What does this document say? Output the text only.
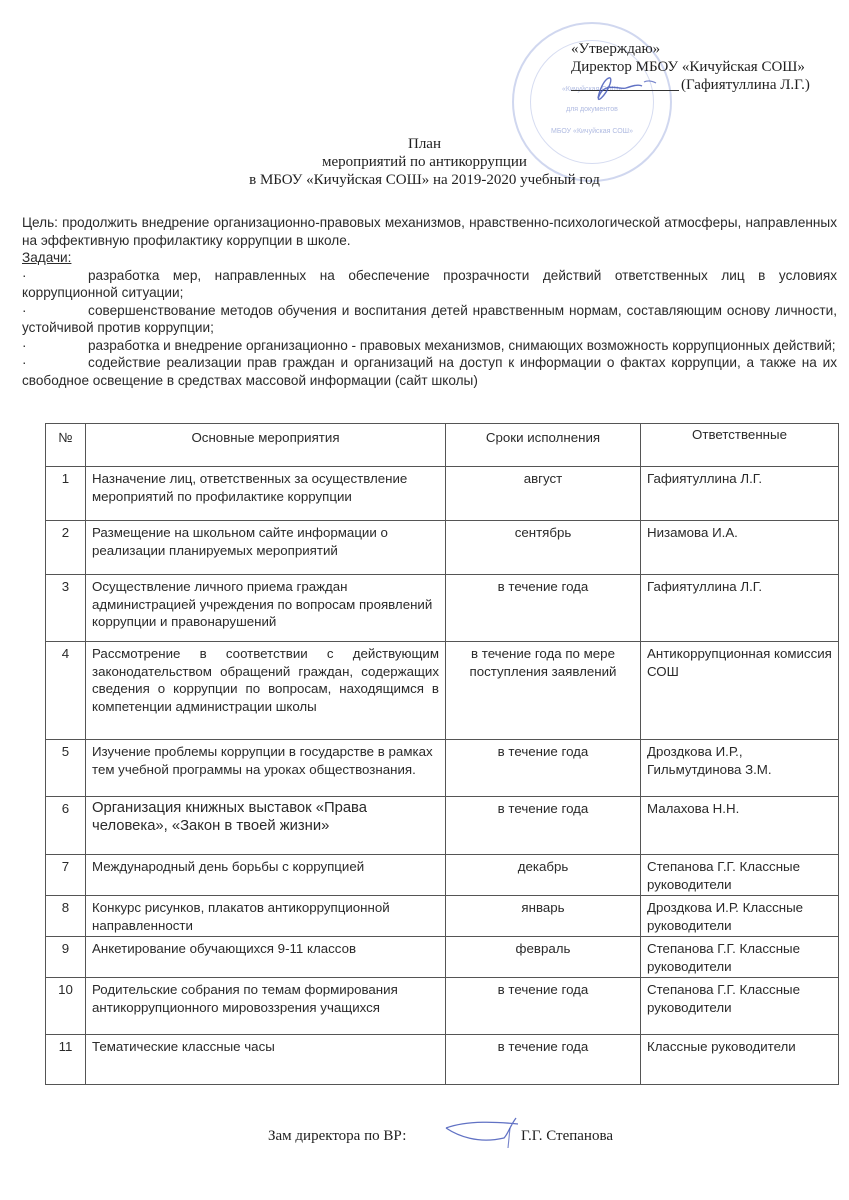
«Кичуйская СОШ»
для документов
МБОУ «Кичуйская СОШ»
«Утверждаю»
Директор МБОУ «Кичуйская СОШ»
(Гафиятуллина Л.Г.)
План
мероприятий по антикоррупции
в МБОУ «Кичуйская СОШ» на 2019-2020 учебный год

Цель: продолжить внедрение организационно-правовых механизмов, нравственно-психологической атмосферы, направленных на эффективную профилактику коррупции в школе.

Задачи:

·	разработка мер, направленных на обеспечение прозрачности действий ответственных лиц в условиях коррупционной ситуации;

·	совершенствование методов обучения и воспитания детей нравственным нормам, составляющим основу личности, устойчивой против коррупции;

·	разработка и внедрение организационно - правовых механизмов, снимающих возможность коррупционных действий;

·	содействие реализации прав граждан и организаций на доступ к информации о фактах коррупции, а также на их свободное освещение в средствах массовой информации (сайт школы)

№	Основные мероприятия	Сроки исполнения	Ответственные
1	Назначение лиц, ответственных за осуществление мероприятий по профилактике коррупции	август	Гафиятуллина Л.Г.
2	Размещение на школьном сайте информации о реализации планируемых мероприятий	сентябрь	Низамова И.А.
3	Осуществление личного приема граждан администрацией учреждения по вопросам проявлений коррупции и правонарушений	в течение года	Гафиятуллина Л.Г.
4	Рассмотрение в соответствии с действующим законодательством обращений граждан, содержащих сведения о коррупции по вопросам, находящимся в компетенции администрации школы	в течение года по мере поступления заявлений	Антикоррупционная комиссия СОШ
5	Изучение проблемы коррупции в государстве в рамках тем учебной программы на уроках обществознания.	в течение года	Дроздкова И.Р., Гильмутдинова З.М.
6	Организация книжных выставок «Права человека», «Закон в твоей жизни»	в течение года	Малахова Н.Н.
7	Международный день борьбы с коррупцией	декабрь	Степанова Г.Г. Классные руководители
8	Конкурс рисунков, плакатов антикоррупционной направленности	январь	Дроздкова И.Р. Классные руководители
9	Анкетирование обучающихся 9-11 классов	февраль	Степанова Г.Г. Классные руководители
10	Родительские собрания по темам формирования антикоррупционного мировоззрения учащихся	в течение года	Степанова Г.Г. Классные руководители
11	Тематические классные часы	в течение года	Классные руководители
Зам директора по ВР:	Г.Г. Степанова
